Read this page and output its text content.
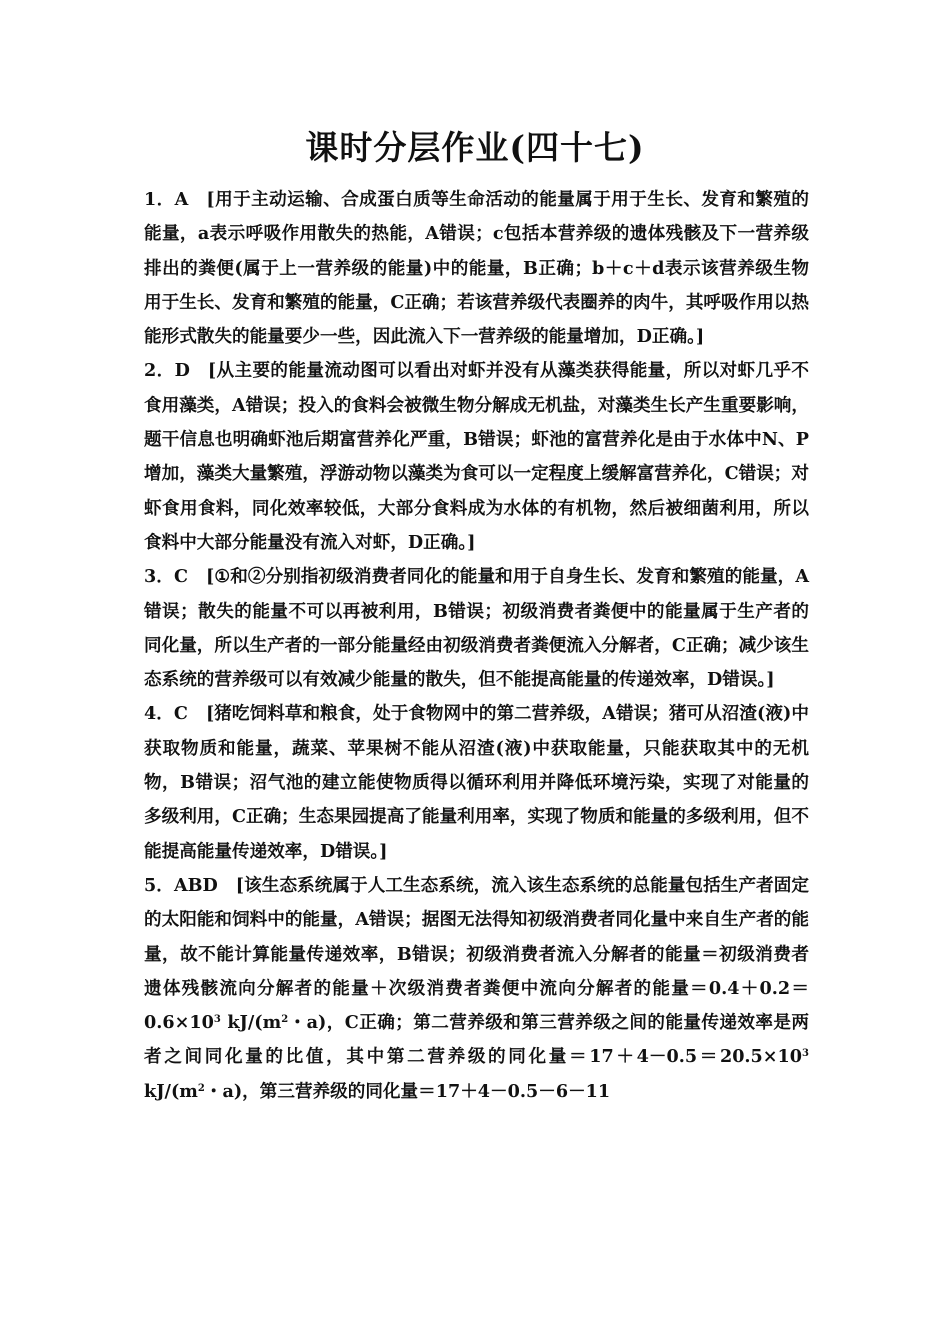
课时分层作业(四十七)

1．A [用于主动运输、合成蛋白质等生命活动的能量属于用于生长、发育和繁殖的能量，a表示呼吸作用散失的热能，A错误；c包括本营养级的遗体残骸及下一营养级排出的粪便(属于上一营养级的能量)中的能量，B正确；b＋c＋d表示该营养级生物用于生长、发育和繁殖的能量，C正确；若该营养级代表圈养的肉牛，其呼吸作用以热能形式散失的能量要少一些，因此流入下一营养级的能量增加，D正确。]

2．D [从主要的能量流动图可以看出对虾并没有从藻类获得能量，所以对虾几乎不食用藻类，A错误；投入的食料会被微生物分解成无机盐，对藻类生长产生重要影响，题干信息也明确虾池后期富营养化严重，B错误；虾池的富营养化是由于水体中N、P增加，藻类大量繁殖，浮游动物以藻类为食可以一定程度上缓解富营养化，C错误；对虾食用食料，同化效率较低，大部分食料成为水体的有机物，然后被细菌利用，所以食料中大部分能量没有流入对虾，D正确。]

3．C [①和②分别指初级消费者同化的能量和用于自身生长、发育和繁殖的能量，A错误；散失的能量不可以再被利用，B错误；初级消费者粪便中的能量属于生产者的同化量，所以生产者的一部分能量经由初级消费者粪便流入分解者，C正确；减少该生态系统的营养级可以有效减少能量的散失，但不能提高能量的传递效率，D错误。]

4．C [猪吃饲料草和粮食，处于食物网中的第二营养级，A错误；猪可从沼渣(液)中获取物质和能量，蔬菜、苹果树不能从沼渣(液)中获取能量，只能获取其中的无机物，B错误；沼气池的建立能使物质得以循环利用并降低环境污染，实现了对能量的多级利用，C正确；生态果园提高了能量利用率，实现了物质和能量的多级利用，但不能提高能量传递效率，D错误。]

5．ABD [该生态系统属于人工生态系统，流入该生态系统的总能量包括生产者固定的太阳能和饲料中的能量，A错误；据图无法得知初级消费者同化量中来自生产者的能量，故不能计算能量传递效率，B错误；初级消费者流入分解者的能量＝初级消费者遗体残骸流向分解者的能量＋次级消费者粪便中流向分解者的能量$=0.4+0.2=0.6\times 10^3$ $kJ/(m^2$・a)，C正确；第二营养级和第三营养级之间的能量传递效率是两者之间同化量的比值，其中第二营养级的同化量$=17+4-0.5=20.5\times 10^3$ $kJ/(m^2$・a)，第三营养级的同化量＝17＋4－0.5－6－11
